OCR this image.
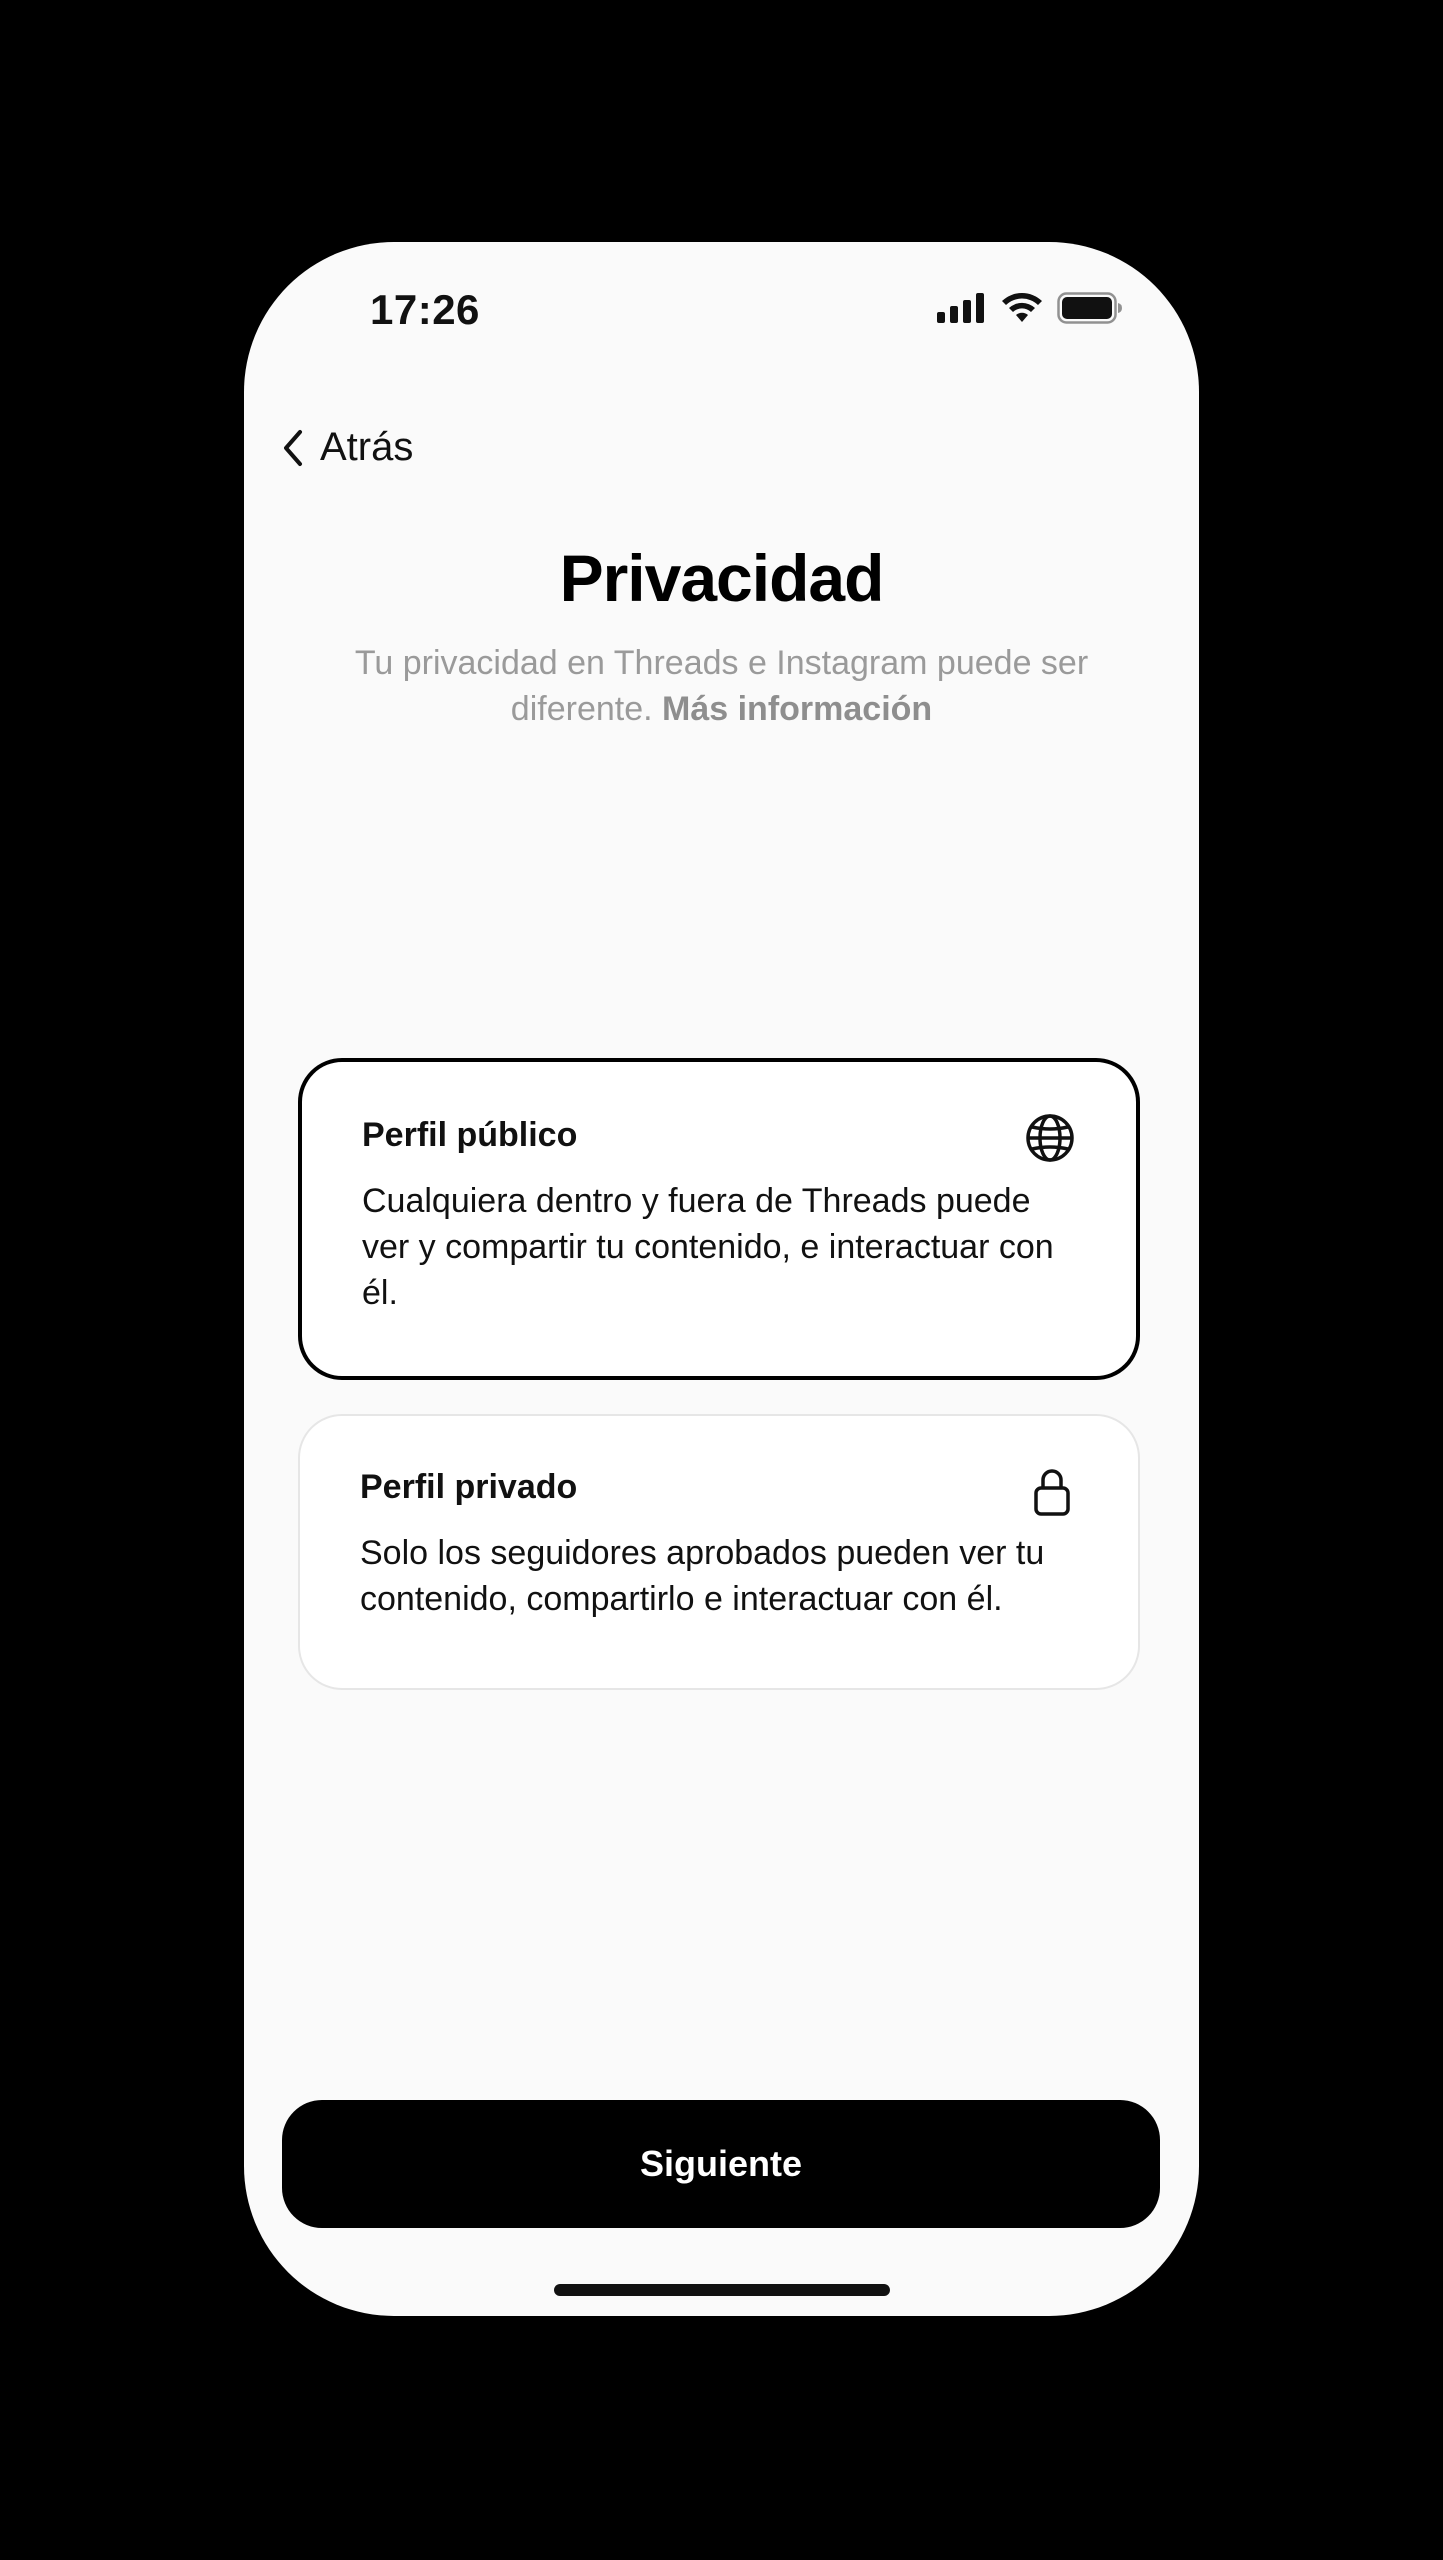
17:26
Atrás
Privacidad
Tu privacidad en Threads e Instagram puede ser diferente. Más información
Perfil público
Cualquiera dentro y fuera de Threads puede ver y compartir tu contenido, e interactuar con él.
Perfil privado
Solo los seguidores aprobados pueden ver tu contenido, compartirlo e interactuar con él.
Siguiente
